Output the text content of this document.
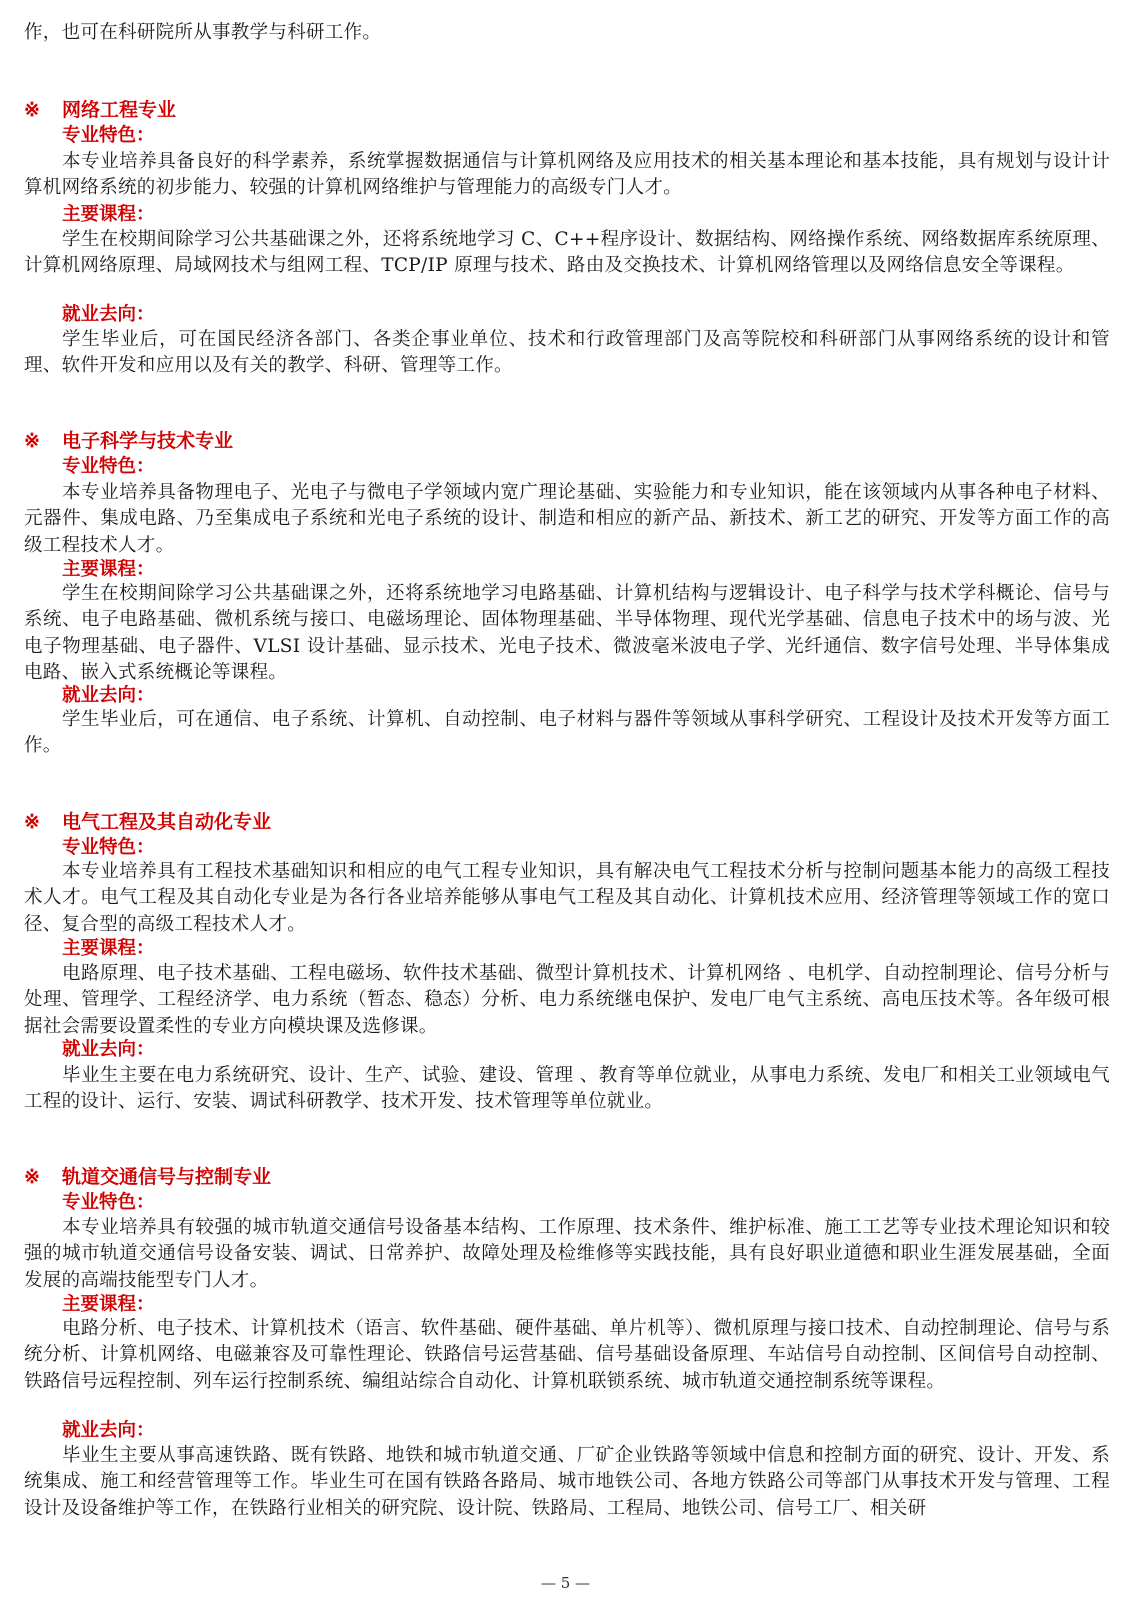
作，也可在科研院所从事教学与科研工作。

※ 网络工程专业
专业特色：

本专业培养具备良好的科学素养，系统掌握数据通信与计算机网络及应用技术的相关基本理论和基本技能，具有规划与设计计算机网络系统的初步能力、较强的计算机网络维护与管理能力的高级专门人才。

主要课程：

学生在校期间除学习公共基础课之外，还将系统地学习 C、C++程序设计、数据结构、网络操作系统、网络数据库系统原理、计算机网络原理、局域网技术与组网工程、TCP/IP 原理与技术、路由及交换技术、计算机网络管理以及网络信息安全等课程。

就业去向：

学生毕业后，可在国民经济各部门、各类企事业单位、技术和行政管理部门及高等院校和科研部门从事网络系统的设计和管理、软件开发和应用以及有关的教学、科研、管理等工作。

※ 电子科学与技术专业
专业特色：

本专业培养具备物理电子、光电子与微电子学领域内宽广理论基础、实验能力和专业知识，能在该领域内从事各种电子材料、元器件、集成电路、乃至集成电子系统和光电子系统的设计、制造和相应的新产品、新技术、新工艺的研究、开发等方面工作的高级工程技术人才。

主要课程：

学生在校期间除学习公共基础课之外，还将系统地学习电路基础、计算机结构与逻辑设计、电子科学与技术学科概论、信号与系统、电子电路基础、微机系统与接口、电磁场理论、固体物理基础、半导体物理、现代光学基础、信息电子技术中的场与波、光电子物理基础、电子器件、VLSI 设计基础、显示技术、光电子技术、微波毫米波电子学、光纤通信、数字信号处理、半导体集成电路、嵌入式系统概论等课程。

就业去向：

学生毕业后，可在通信、电子系统、计算机、自动控制、电子材料与器件等领域从事科学研究、工程设计及技术开发等方面工作。

※ 电气工程及其自动化专业
专业特色：

本专业培养具有工程技术基础知识和相应的电气工程专业知识，具有解决电气工程技术分析与控制问题基本能力的高级工程技术人才。电气工程及其自动化专业是为各行各业培养能够从事电气工程及其自动化、计算机技术应用、经济管理等领域工作的宽口径、复合型的高级工程技术人才。

主要课程：

电路原理、电子技术基础、工程电磁场、软件技术基础、微型计算机技术、计算机网络 、电机学、自动控制理论、信号分析与处理、管理学、工程经济学、电力系统（暂态、稳态）分析、电力系统继电保护、发电厂电气主系统、高电压技术等。各年级可根据社会需要设置柔性的专业方向模块课及选修课。

就业去向：

毕业生主要在电力系统研究、设计、生产、试验、建设、管理 、教育等单位就业，从事电力系统、发电厂和相关工业领域电气工程的设计、运行、安装、调试科研教学、技术开发、技术管理等单位就业。

※ 轨道交通信号与控制专业
专业特色：

本专业培养具有较强的城市轨道交通信号设备基本结构、工作原理、技术条件、维护标准、施工工艺等专业技术理论知识和较强的城市轨道交通信号设备安装、调试、日常养护、故障处理及检维修等实践技能，具有良好职业道德和职业生涯发展基础，全面发展的高端技能型专门人才。

主要课程：

电路分析、电子技术、计算机技术（语言、软件基础、硬件基础、单片机等）、微机原理与接口技术、自动控制理论、信号与系统分析、计算机网络、电磁兼容及可靠性理论、铁路信号运营基础、信号基础设备原理、车站信号自动控制、区间信号自动控制、铁路信号远程控制、列车运行控制系统、编组站综合自动化、计算机联锁系统、城市轨道交通控制系统等课程。

就业去向：

毕业生主要从事高速铁路、既有铁路、地铁和城市轨道交通、厂矿企业铁路等领域中信息和控制方面的研究、设计、开发、系统集成、施工和经营管理等工作。毕业生可在国有铁路各路局、城市地铁公司、各地方铁路公司等部门从事技术开发与管理、工程设计及设备维护等工作，在铁路行业相关的研究院、设计院、铁路局、工程局、地铁公司、信号工厂、相关研

— 5 —
